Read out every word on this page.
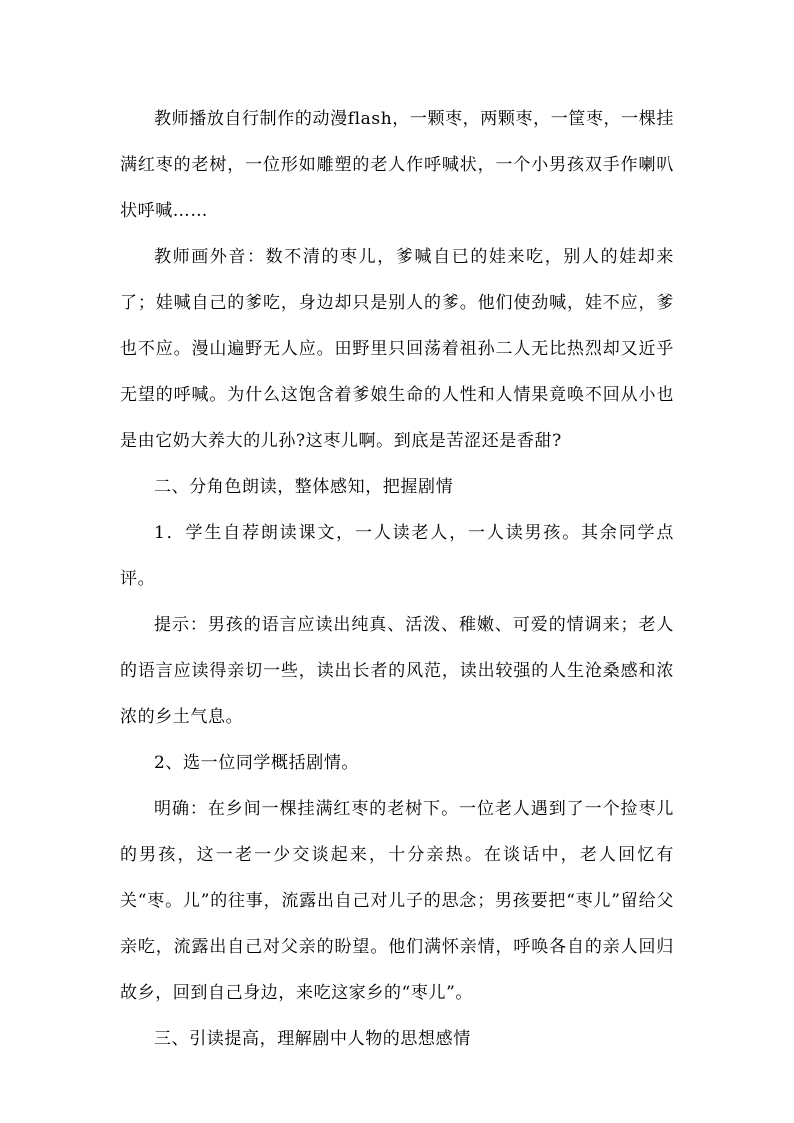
教师播放自行制作的动漫flash，一颗枣，两颗枣，一筐枣，一棵挂满红枣的老树，一位形如雕塑的老人作呼喊状，一个小男孩双手作喇叭状呼喊……

教师画外音：数不清的枣儿，爹喊自已的娃来吃，别人的娃却来了；娃喊自己的爹吃，身边却只是别人的爹。他们使劲喊，娃不应，爹也不应。漫山遍野无人应。田野里只回荡着祖孙二人无比热烈却又近乎无望的呼喊。为什么这饱含着爹娘生命的人性和人情果竟唤不回从小也是由它奶大养大的儿孙?这枣儿啊。到底是苦涩还是香甜?

二、分角色朗读，整体感知，把握剧情

1．学生自荐朗读课文，一人读老人，一人读男孩。其余同学点评。

提示：男孩的语言应读出纯真、活泼、稚嫩、可爱的情调来；老人的语言应读得亲切一些，读出长者的风范，读出较强的人生沧桑感和浓浓的乡土气息。

2、选一位同学概括剧情。

明确：在乡间一棵挂满红枣的老树下。一位老人遇到了一个捡枣儿的男孩，这一老一少交谈起来，十分亲热。在谈话中，老人回忆有关“枣。儿”的往事，流露出自己对儿子的思念；男孩要把“枣儿”留给父亲吃，流露出自己对父亲的盼望。他们满怀亲情，呼唤各自的亲人回归故乡，回到自己身边，来吃这家乡的“枣儿”。

三、引读提高，理解剧中人物的思想感情
